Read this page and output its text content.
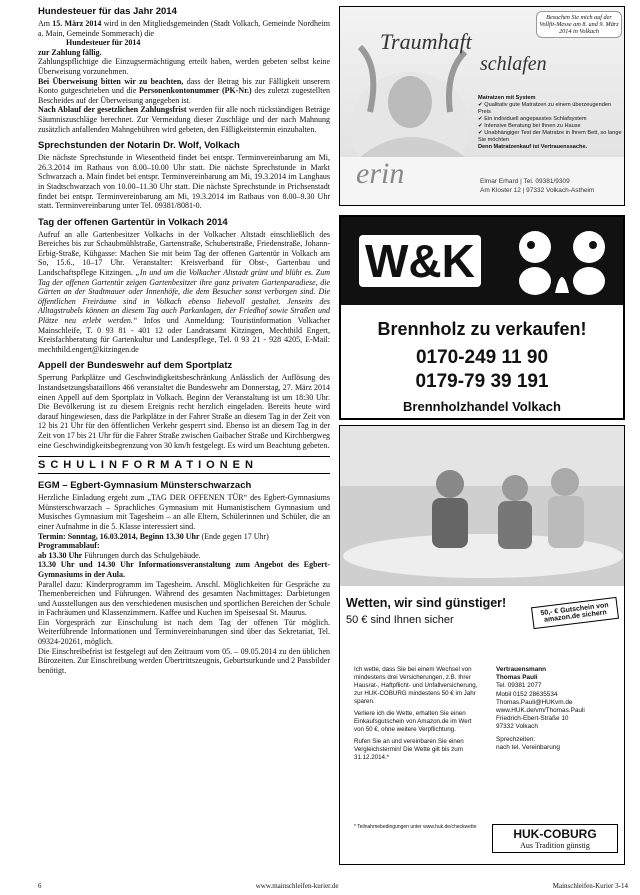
Hundesteuer für das Jahr 2014
Am 15. März 2014 wird in den Mitgliedsgemeinden (Stadt Volkach, Gemeinde Nordheim a. Main, Gemeinde Sommerach) die
Hundesteuer für 2014
zur Zahlung fällig.
Zahlungspflichtige die Einzugsermächtigung erteilt haben, werden gebeten selbst keine Überweisung vorzunehmen.
Bei Überweisung bitten wir zu beachten, dass der Betrag bis zur Fälligkeit unserem Konto gutgeschrieben und die Personenkontonummer (PK-Nr.) des zuletzt zugestellten Bescheides auf der Überweisung angegeben ist.
Nach Ablauf der gesetzlichen Zahlungsfrist werden für alle noch rückständigen Beträge Säumniszuschläge berechnet. Zur Vermeidung dieser Zuschläge und der nach Mahnung zusätzlich anfallenden Mahngebühren wird gebeten, den Fälligkeitstermin einzuhalten.
Sprechstunden der Notarin Dr. Wolf, Volkach
Die nächste Sprechstunde in Wiesentheid findet bei entspr. Terminvereinbarung am Mi, 26.3.2014 im Rathaus von 8.00–10.00 Uhr statt. Die nächste Sprechstunde in Markt Schwarzach a. Main findet bei entspr. Terminvereinbarung am Mi, 19.3.2014 im Langhaus in Stadtschwarzach von 10.00–11.30 Uhr statt. Die nächste Sprechstunde in Prichsenstadt findet bei entspr. Terminvereinbarung am Mi, 19.3.2014 im Rathaus von 8.00–9.30 Uhr statt. Terminvereinbarung unter Tel. 09381/8081-0.
Tag der offenen Gartentür in Volkach 2014
Aufruf an alle Gartenbesitzer Volkachs in der Volkacher Altstadt einschließlich des Bereiches bis zur Schaubmühlstraße, Gartenstraße, Schubertstraße, Friedenstraße, Johann-Erbig-Straße, Kühgasse: Machen Sie mit beim Tag der offenen Gartentür in Volkach am So, 15.6., 10–17 Uhr. Veranstalter: Kreisverband für Obst-, Gartenbau und Landschaftspflege Kitzingen. „In und um die Volkacher Altstadt grünt und blüht es. Zum Tag der offenen Gartentür zeigen Gartenbesitzer ihre ganz privaten Gartenparadiese, die Gärten an der Stadtmauer oder Innenhöfe, die dem Besucher sonst verborgen sind. Die öffentlichen Freiräume sind in Volkach ebenso liebevoll gestaltet. Jenseits des Alltagstrubels können an diesem Tag auch Parkanlagen, der Friedhof sowie Straßen und Plätze neu erlebt werden.“ Infos und Anmeldung: Touristinformation Volkacher Mainschleife, T. 0 93 81 - 401 12 oder Landratsamt Kitzingen, Mechthild Engert, Kreisfachberatung für Gartenkultur und Landespflege, Tel. 0 93 21 - 928 4205, E-Mail: mechthild.engert@kitzingen.de
Appell der Bundeswehr auf dem Sportplatz
Sperrung Parkplätze und Geschwindigkeitsbeschränkung Anlässlich der Auflösung des Instandsetzungsbataillons 466 veranstaltet die Bundeswehr am Donnerstag, 27. März 2014 einen Appell auf dem Sportplatz in Volkach. Beginn der Veranstaltung ist um 18:30 Uhr. Die Bevölkerung ist zu diesem Ereignis recht herzlich eingeladen. Bereits heute wird darauf hingewiesen, dass die Parkplätze in der Fahrer Straße an diesem Tag in der Zeit von 12 bis 21 Uhr für den öffentlichen Verkehr gesperrt sind. Ebenso ist an diesem Tag in der Zeit von 17 bis 21 Uhr für die Fahrer Straße zwischen Gaibacher Straße und Kirchbergweg eine Geschwindigkeitsbegrenzung von 30 km/h festgelegt. Es wird um Beachtung gebeten.
SCHULINFORMATIONEN
EGM – Egbert-Gymnasium Münsterschwarzach
Herzliche Einladung ergeht zum „TAG DER OFFENEN TÜR“ des Egbert-Gymnasiums Münsterschwarzach – Sprachliches Gymnasium mit Humanistischem Gymnasium und Musisches Gymnasium mit Tagesheim – an alle Eltern, Schülerinnen und Schüler, die an einer Aufnahme in die 5. Klasse interessiert sind.
Termin: Sonntag, 16.03.2014, Beginn 13.30 Uhr (Ende gegen 17 Uhr)
Programmablauf:
ab 13.30 Uhr Führungen durch das Schulgebäude.
13.30 Uhr und 14.30 Uhr Informationsveranstaltung zum Angebot des Egbert-Gymnasiums in der Aula.
Parallel dazu: Kinderprogramm im Tagesheim. Anschl. Möglichkeiten für Gespräche zu Themenbereichen und Führungen. Während des gesamten Nachmittages: Darbietungen und Ausstellungen aus den verschiedenen musischen und sportlichen Bereichen der Schule in Fachräumen und Klassenzimmern. Kaffee und Kuchen im Speisesaal St. Maurus.
Ein Vorgespräch zur Einschulung ist nach dem Tag der offenen Tür möglich. Weiterführende Informationen und Terminvereinbarungen sind über das Sekretariat, Tel. 09324-20261, möglich.
Die Einschreibefrist ist festgelegt auf den Zeitraum vom 05. – 09.05.2014 zu den üblichen Bürozeiten. Zur Einschreibung werden Übertrittszeugnis, Geburtsurkunde und 2 Passbilder benötigt.
Besuchen Sie mich auf der Vollfit-Messe am 8. und 9. März 2014 in Volkach
Traumhaft
schlafen
erin
Matratzen mit System
✔ Qualitativ gute Matratzen zu einem überzeugenden Preis
✔ Ein individuell angepasstes Schlafsystem
✔ Intensive Beratung bei Ihnen zu Hause
✔ Unabhängiger Test der Matratze in Ihrem Bett, so lange Sie möchten
Denn Matratzenkauf ist Vertrauenssache.
Elmar Erhard | Tel. 09381/9309
Am Kloster 12 | 97332 Volkach-Astheim
W&K
Brennholz zu verkaufen!
0170-249 11 90
0179-79 39 191
Brennholzhandel Volkach
Wetten, wir sind günstiger!
50 € sind Ihnen sicher
50,- € Gutschein von amazon.de sichern
Ich wette, dass Sie bei einem Wechsel von mindestens drei Versicherungen, z.B. Ihrer Hausrat-, Haftpflicht- und Unfallversicherung, zur HUK-COBURG mindestens 50 € im Jahr sparen.
Verliere ich die Wette, erhalten Sie einen Einkaufsgutschein von Amazon.de im Wert von 50 €, ohne weitere Verpflichtung.
Rufen Sie an und vereinbaren Sie einen Vergleichstermin! Die Wette gilt bis zum 31.12.2014.*
Vertrauensmann
Thomas Pauli
Tel. 09381 2077
Mobil 0152 28635534
Thomas.Pauli@HUKvm.de
www.HUK.de/vm/Thomas.Pauli
Friedrich-Ebert-Straße 10
97332 Volkach
Sprechzeiten:
nach tel. Vereinbarung
* Teilnahmebedingungen unter www.huk.de/checkwette	HUK-COBURG
Aus Tradition günstig
6	www.mainschleifen-kurier.de	Mainschleifen-Kurier 3-14
